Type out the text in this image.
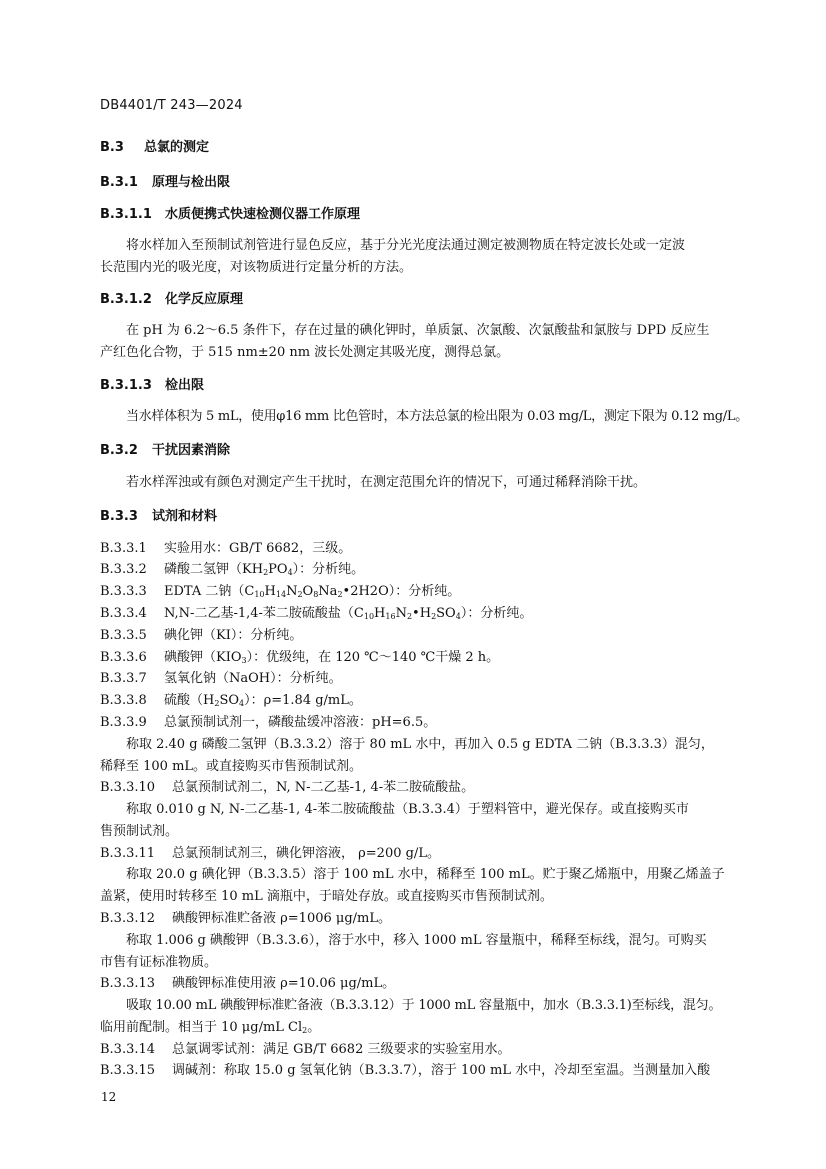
DB4401/T 243—2024
B.3 总氯的测定
B.3.1 原理与检出限
B.3.1.1 水质便携式快速检测仪器工作原理
将水样加入至预制试剂管进行显色反应，基于分光光度法通过测定被测物质在特定波长处或一定波
长范围内光的吸光度，对该物质进行定量分析的方法。
B.3.1.2 化学反应原理
在 pH 为 6.2～6.5 条件下，存在过量的碘化钾时，单质氯、次氯酸、次氯酸盐和氯胺与 DPD 反应生
产红色化合物，于 515 nm±20 nm 波长处测定其吸光度，测得总氯。
B.3.1.3 检出限
当水样体积为 5 mL，使用φ16 mm 比色管时，本方法总氯的检出限为 0.03 mg/L，测定下限为 0.12 mg/L。
B.3.2 干扰因素消除
若水样浑浊或有颜色对测定产生干扰时，在测定范围允许的情况下，可通过稀释消除干扰。
B.3.3 试剂和材料
B.3.3.1 实验用水：GB/T 6682，三级。
B.3.3.2 磷酸二氢钾$(KH_2PO_4)$：分析纯。
B.3.3.3 EDTA 二钠$(C_{10}H_{14}N_2O_8Na_2•2H2O)$：分析纯。
B.3.3.4 N,N-二乙基-1,4-苯二胺硫酸盐$(C_{10}H_{16}N_2•H_2SO_4)$：分析纯。
B.3.3.5 碘化钾（KI）：分析纯。
B.3.3.6 碘酸钾$(KIO_3)$：优级纯，在 120 ℃～140 ℃干燥 2 h。
B.3.3.7 氢氧化钠（NaOH）：分析纯。
B.3.3.8 硫酸$(H_2SO_4)$：ρ=1.84 g/mL。
B.3.3.9 总氯预制试剂一，磷酸盐缓冲溶液：pH=6.5。
称取 2.40 g 磷酸二氢钾（B.3.3.2）溶于 80 mL 水中，再加入 0.5 g EDTA 二钠（B.3.3.3）混匀，
稀释至 100 mL。或直接购买市售预制试剂。
B.3.3.10 总氯预制试剂二，N, N-二乙基-1, 4-苯二胺硫酸盐。
称取 0.010 g N, N-二乙基-1, 4-苯二胺硫酸盐（B.3.3.4）于塑料管中，避光保存。或直接购买市
售预制试剂。
B.3.3.11 总氯预制试剂三，碘化钾溶液， ρ=200 g/L。
称取 20.0 g 碘化钾（B.3.3.5）溶于 100 mL 水中，稀释至 100 mL。贮于聚乙烯瓶中，用聚乙烯盖子
盖紧，使用时转移至 10 mL 滴瓶中，于暗处存放。或直接购买市售预制试剂。
B.3.3.12 碘酸钾标准贮备液 ρ=1006 μg/mL。
称取 1.006 g 碘酸钾（B.3.3.6），溶于水中，移入 1000 mL 容量瓶中，稀释至标线，混匀。可购买
市售有证标准物质。
B.3.3.13 碘酸钾标准使用液 ρ=10.06 μg/mL。
吸取 10.00 mL 碘酸钾标准贮备液（B.3.3.12）于 1000 mL 容量瓶中，加水（B.3.3.1)至标线，混匀。
临用前配制。相当于 10 μg/mL $Cl_2$。
B.3.3.14 总氯调零试剂：满足 GB/T 6682 三级要求的实验室用水。
B.3.3.15 调碱剂：称取 15.0 g 氢氧化钠（B.3.3.7），溶于 100 mL 水中，冷却至室温。当测量加入酸
12
